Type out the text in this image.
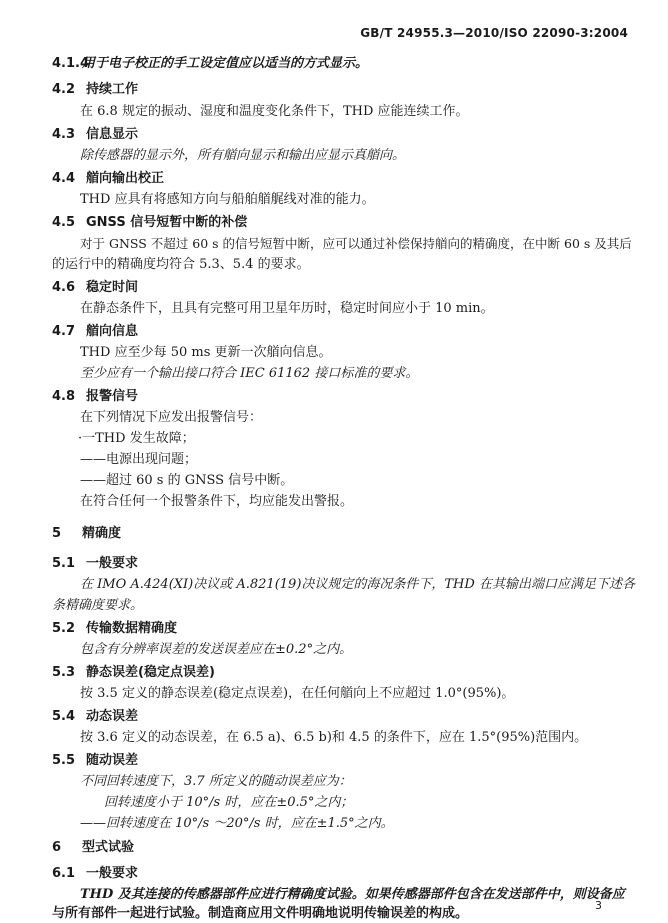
GB/T 24955.3—2010/ISO 22090-3:2004
4.1.4用于电子校正的手工设定值应以适当的方式显示。
4.2 持续工作
在 6.8 规定的振动、湿度和温度变化条件下，THD 应能连续工作。
4.3 信息显示
除传感器的显示外，所有艏向显示和输出应显示真艏向。
4.4 艏向输出校正
THD 应具有将感知方向与船舶艏艉线对准的能力。
4.5 GNSS 信号短暂中断的补偿
对于 GNSS 不超过 60 s 的信号短暂中断，应可以通过补偿保持艏向的精确度，在中断 60 s 及其后
的运行中的精确度均符合 5.3、5.4 的要求。
4.6 稳定时间
在静态条件下，且具有完整可用卫星年历时，稳定时间应小于 10 min。
4.7 艏向信息
THD 应至少每 50 ms 更新一次艏向信息。
至少应有一个输出接口符合 IEC 61162 接口标准的要求。
4.8 报警信号
在下列情况下应发出报警信号：
·一THD 发生故障；
——电源出现问题；
——超过 60 s 的 GNSS 信号中断。
在符合任何一个报警条件下，均应能发出警报。
5 精确度
5.1 一般要求
在 IMO A.424(XI)决议或 A.821(19)决议规定的海况条件下，THD 在其输出端口应满足下述各
条精确度要求。
5.2 传输数据精确度
包含有分辨率误差的发送误差应在±0.2°之内。
5.3 静态误差(稳定点误差)
按 3.5 定义的静态误差(稳定点误差)，在任何艏向上不应超过 1.0°(95%)。
5.4 动态误差
按 3.6 定义的动态误差，在 6.5 a)、6.5 b)和 4.5 的条件下，应在 1.5°(95%)范围内。
5.5 随动误差
不同回转速度下，3.7 所定义的随动误差应为：
回转速度小于 10°/s 时，应在±0.5°之内；
——回转速度在 10°/s ～20°/s 时，应在±1.5°之内。
6 型式试验
6.1 一般要求
THD 及其连接的传感器部件应进行精确度试验。如果传感器部件包含在发送部件中，则设备应
与所有部件一起进行试验。制造商应用文件明确地说明传输误差的构成。
3
